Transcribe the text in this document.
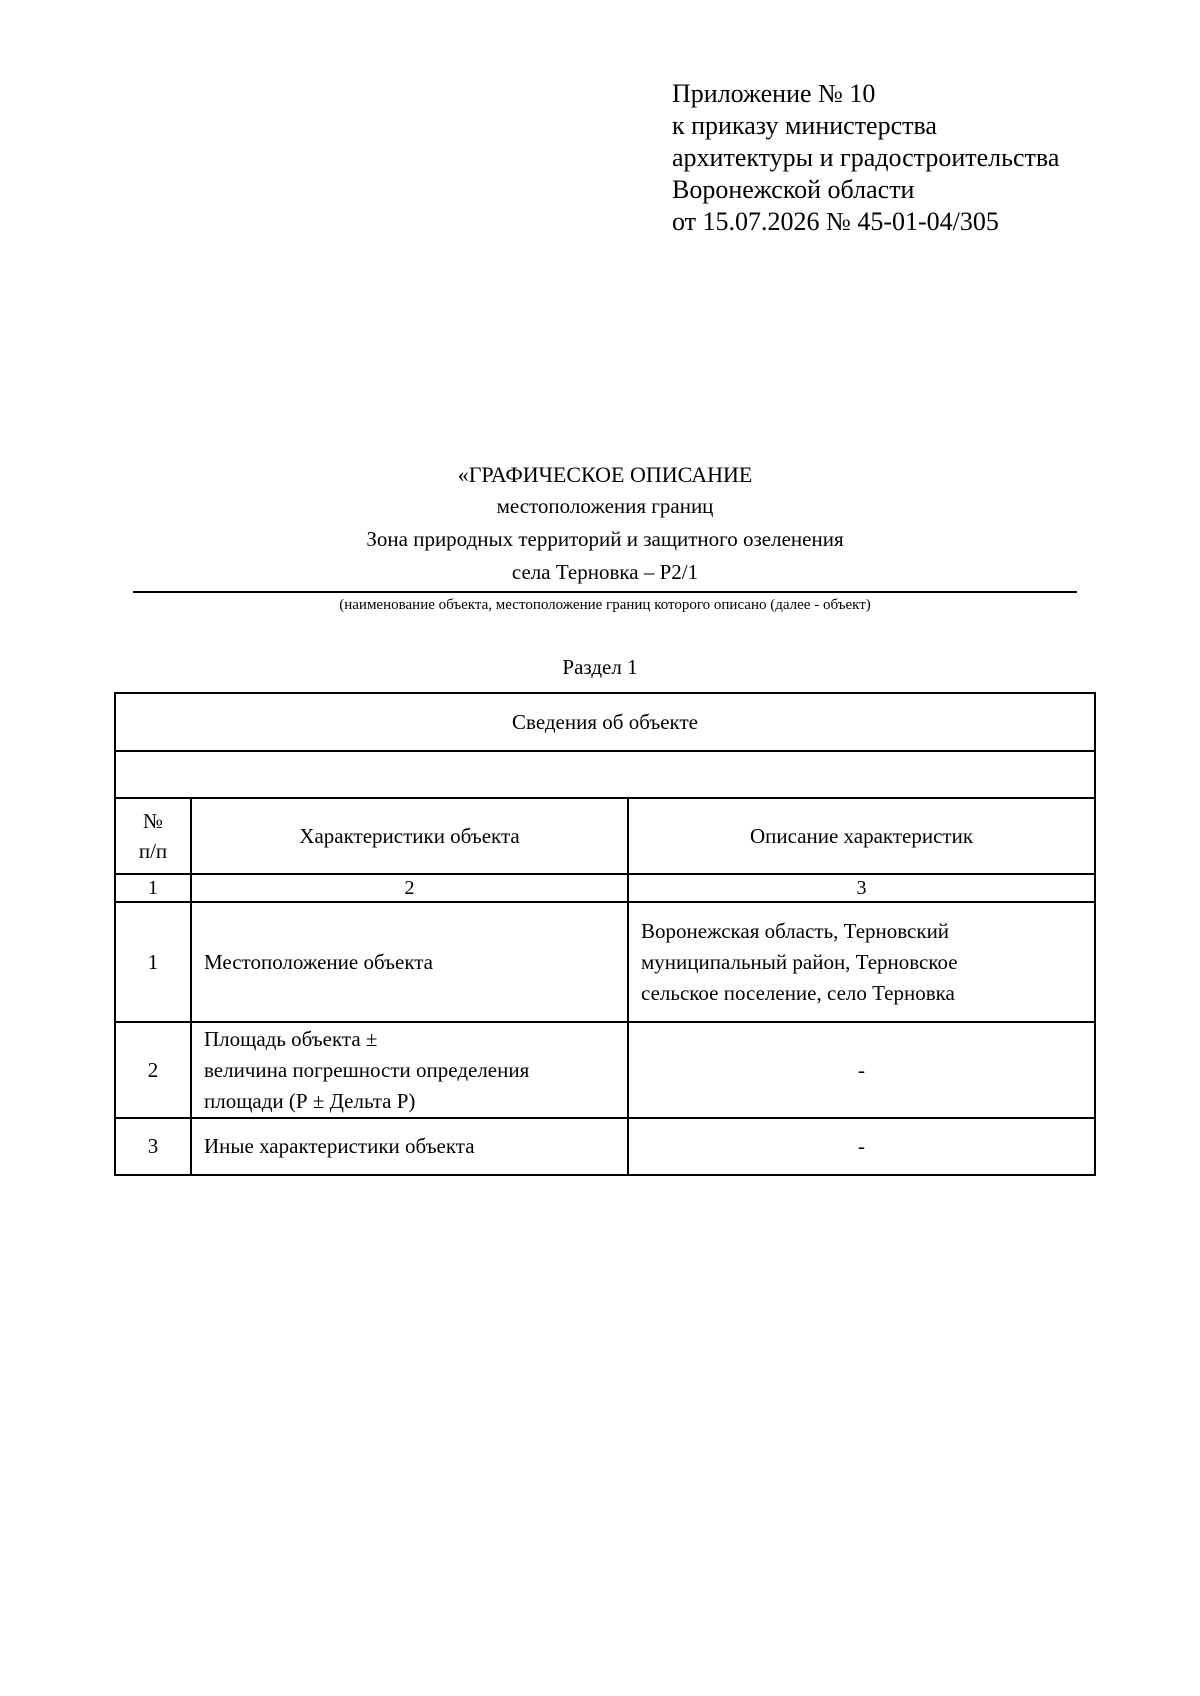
Приложение № 10
к приказу министерства
архитектуры и градостроительства
Воронежской области
от 15.07.2026 № 45-01-04/305
«ГРАФИЧЕСКОЕ ОПИСАНИЕ
местоположения границ
Зона природных территорий и защитного озеленения
села Терновка – Р2/1
(наименование объекта, местоположение границ которого описано (далее - объект)
Раздел 1
Сведения об объекте		

№
п/п	Характеристики объекта	Описание характеристик
1	2	3
1	Местоположение объекта	Воронежская область, Терновский
муниципальный район, Терновское
сельское поселение, село Терновка

2	Площадь объекта ±
величина погрешности определения
площади (Р ± Дельта Р)	-
3	Иные характеристики объекта	-
